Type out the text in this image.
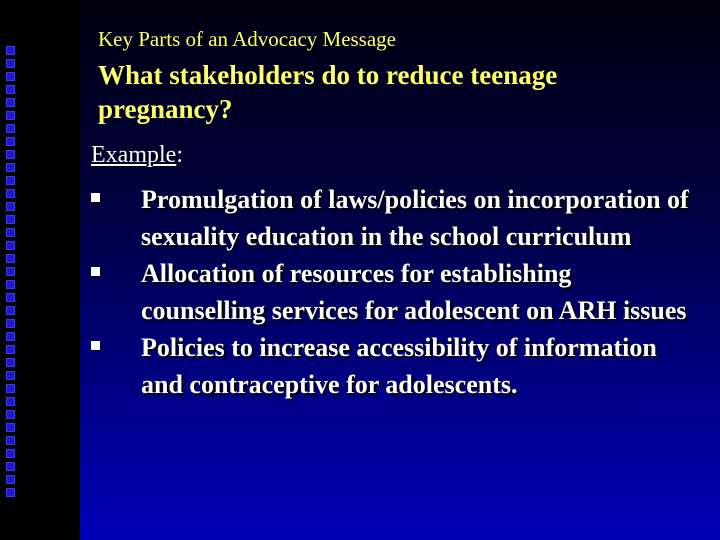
Key Parts of an Advocacy Message
What stakeholders do to reduce teenage pregnancy?
Example:
Promulgation of laws/policies on incorporation of sexuality education in the school curriculum
Allocation of resources for establishing counselling services for adolescent on ARH issues
Policies to increase accessibility of information and contraceptive for adolescents.
